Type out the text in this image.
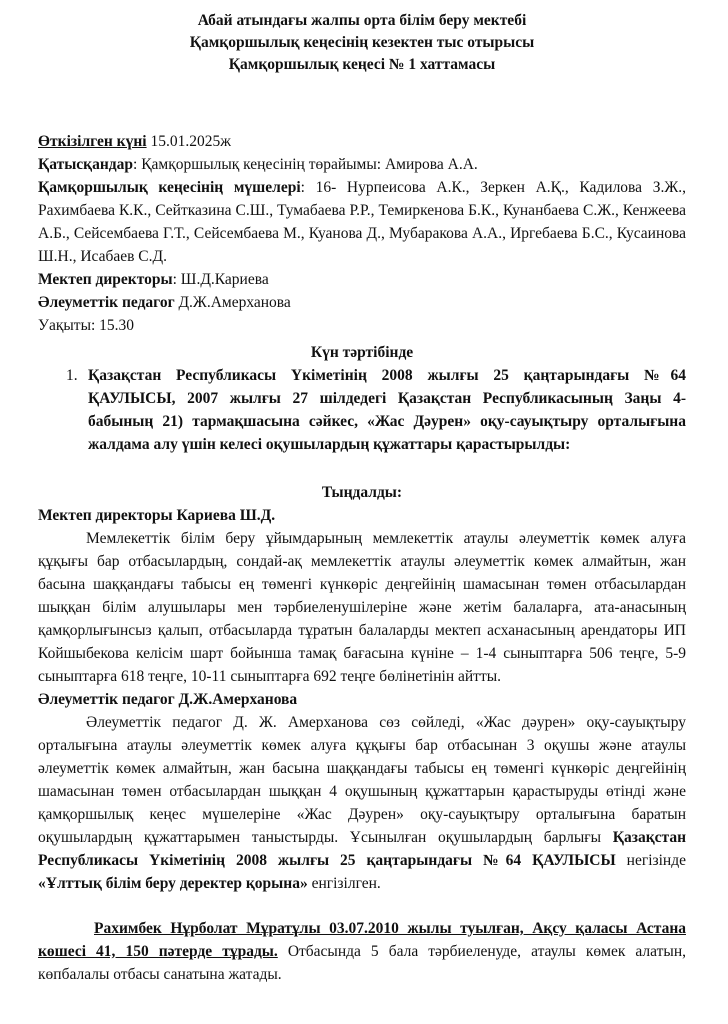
Абай атындағы жалпы орта білім беру мектебі
Қамқоршылық кеңесінің кезектен тыс отырысы
Қамқоршылық кеңесі № 1 хаттамасы

Өткізілген күні 15.01.2025ж

Қатысқандар: Қамқоршылық кеңесінің төрайымы: Амирова А.А.

Қамқоршылық кеңесінің мүшелері: 16- Нурпеисова А.К., Зеркен А.Қ., Кадилова З.Ж., Рахимбаева К.К., Сейтказина С.Ш., Тумабаева Р.Р., Темиркенова Б.К., Кунанбаева С.Ж., Кенжеева А.Б., Сейсембаева Г.Т., Сейсембаева М., Куанова Д., Мубаракова А.А., Иргебаева Б.С., Кусаинова Ш.Н., Исабаев С.Д.

Мектеп директоры: Ш.Д.Кариева

Әлеуметтік педагог Д.Ж.Амерханова

Уақыты: 15.30

Күн тәртібінде
1. Қазақстан Республикасы Үкіметінің 2008 жылғы 25 қаңтарындағы №64 ҚАУЛЫСЫ, 2007 жылғы 27 шілдедегі Қазақстан Республикасының Заңы 4-бабының 21) тармақшасына сәйкес, «Жас Дәурен» оқу-сауықтыру орталығына жалдама алу үшін келесі оқушылардың құжаттары қарастырылды:

Тыңдалды:

Мектеп директоры Кариева Ш.Д.

Мемлекеттік білім беру ұйымдарының мемлекеттік атаулы әлеуметтік көмек алуға құқығы бар отбасылардың, сондай-ақ мемлекеттік атаулы әлеуметтік көмек алмайтын, жан басына шаққандағы табысы ең төменгі күнкөріс деңгейінің шамасынан төмен отбасылардан шыққан білім алушылары мен тәрбиеленушілеріне және жетім балаларға, ата-анасының қамқорлығынсыз қалып, отбасыларда тұратын балаларды мектеп асханасының арендаторы ИП Койшыбекова келісім шарт бойынша тамақ бағасына күніне – 1-4 сыныптарға 506 теңге, 5-9 сыныптарға 618 теңге, 10-11 сыныптарға 692 теңге бөлінетінін айтты.

Әлеуметтік педагог Д.Ж.Амерханова

Әлеуметтік педагог Д. Ж. Амерханова сөз сөйледі, «Жас дәурен» оқу-сауықтыру орталығына атаулы әлеуметтік көмек алуға құқығы бар отбасынан 3 оқушы және атаулы әлеуметтік көмек алмайтын, жан басына шаққандағы табысы ең төменгі күнкөріс деңгейінің шамасынан төмен отбасылардан шыққан 4 оқушының құжаттарын қарастыруды өтінді және қамқоршылық кеңес мүшелеріне «Жас Дәурен» оқу-сауықтыру орталығына баратын оқушылардың құжаттарымен таныстырды. Ұсынылған оқушылардың барлығы Қазақстан Республикасы Үкіметінің 2008 жылғы 25 қаңтарындағы №64 ҚАУЛЫСЫ негізінде «Ұлттық білім беру деректер қорына» енгізілген.

Рахимбек Нұрболат Мұратұлы 03.07.2010 жылы туылған, Ақсу қаласы Астана көшесі 41, 150 пәтерде тұрады. Отбасында 5 бала тәрбиеленуде, атаулы көмек алатын, көпбалалы отбасы санатына жатады.
